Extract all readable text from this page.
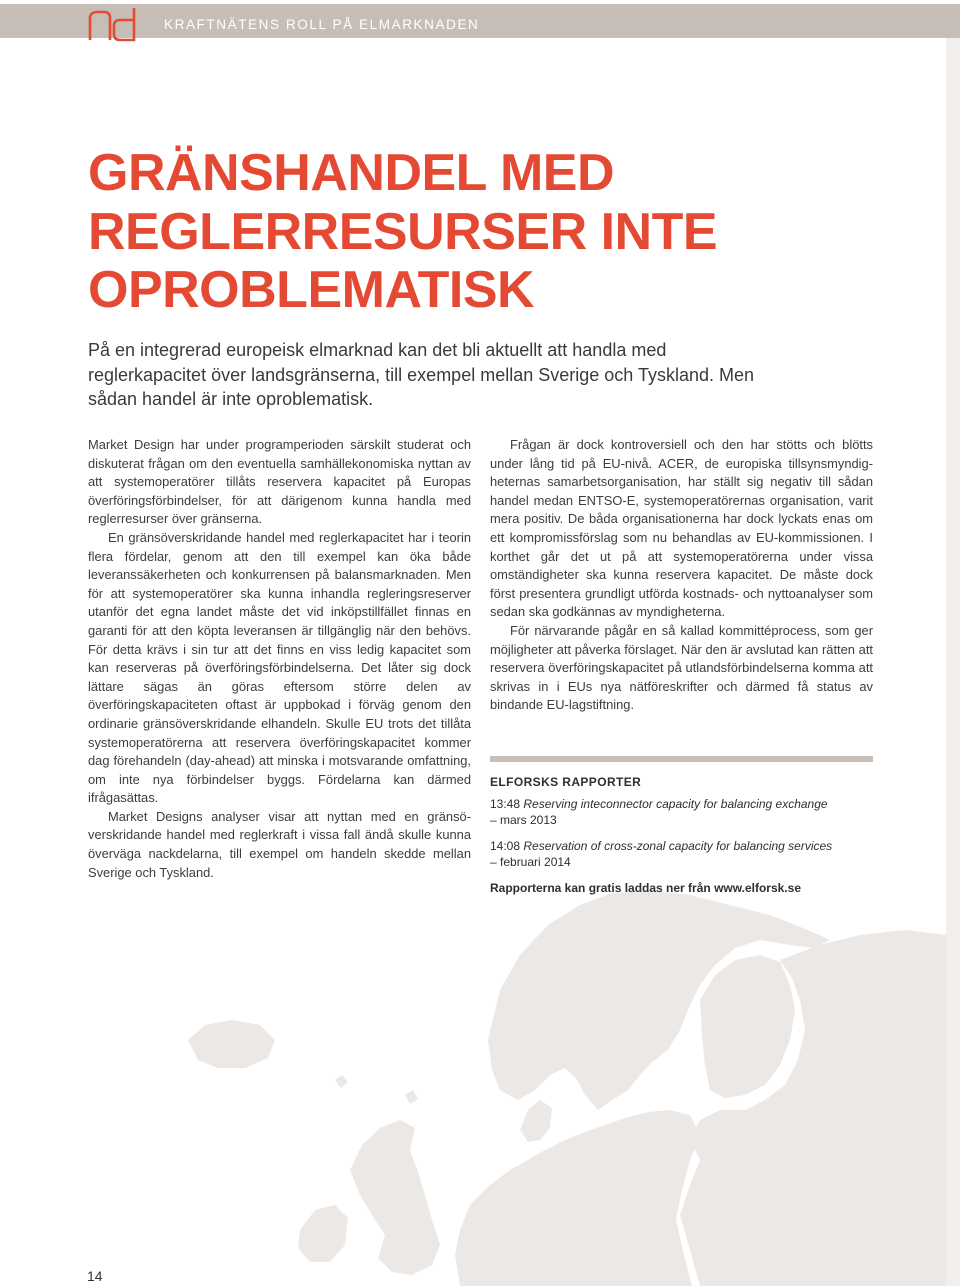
KRAFTNÄTENS ROLL PÅ ELMARKNADEN
GRÄNSHANDEL MED
REGLERRESURSER INTE
OPROBLEMATISK

På en integrerad europeisk elmarknad kan det bli aktuellt att handla med reglerkapacitet över landsgränserna, till exempel mellan Sverige och Tyskland. Men sådan handel är inte oproblematisk.

Market Design har under programperioden särskilt studerat och diskuterat frågan om den eventuella samhällekonomiska nyttan av att systemoperatörer tillåts reservera kapacitet på Europas överföringsförbindelser, för att därigenom kunna handla med reglerresurser över gränserna.

En gränsöverskridande handel med reglerkapacitet har i teorin flera fördelar, genom att den till exempel kan öka både leveranssäkerheten och konkurrensen på balansmarknaden. Men för att systemoperatörer ska kunna inhandla regleringsreserver utanför det egna landet måste det vid inköpstillfället finnas en garanti för att den köpta leveransen är tillgänglig när den behövs. För detta krävs i sin tur att det finns en viss ledig kapacitet som kan reserveras på överföringsförbindelserna. Det låter sig dock lättare sägas än göras eftersom större delen av överföringskapaciteten oftast är uppbokad i förväg genom den ordinarie gränsöverskridande elhandeln. Skulle EU trots det tillåta systemoperatörerna att reservera överföringskapacitet kommer dag förehandeln (day-ahead) att minska i motsvarande omfattning, om inte nya förbindelser byggs. Fördelarna kan därmed ifrågasättas.

Market Designs analyser visar att nyttan med en gränsöverskridande handel med reglerkraft i vissa fall ändå skulle kunna överväga nackdelarna, till exempel om handeln skedde mellan Sverige och Tyskland.

Frågan är dock kontroversiell och den har stötts och blötts under lång tid på EU-nivå. ACER, de europiska tillsynsmyndigheternas samarbetsorganisation, har ställt sig negativ till sådan handel medan ENTSO-E, systemoperatörernas organisation, varit mera positiv. De båda organisationerna har dock lyckats enas om ett kompromissförslag som nu behandlas av EU-kommissionen. I korthet går det ut på att systemoperatörerna under vissa omständigheter ska kunna reservera kapacitet. De måste dock först presentera grundligt utförda kostnads- och nyttoanalyser som sedan ska godkännas av myndigheterna.

För närvarande pågår en så kallad kommittéprocess, som ger möjligheter att påverka förslaget. När den är avslutad kan rätten att reservera överföringskapacitet på utlandsförbindelserna komma att skrivas in i EUs nya nätföreskrifter och därmed få status av bindande EU-lagstiftning.

ELFORSKS RAPPORTER
13:48 Reserving inteconnector capacity for balancing exchange
– mars 2013
14:08 Reservation of cross-zonal capacity for balancing services
– februari 2014

Rapporterna kan gratis laddas ner från www.elforsk.se

14
